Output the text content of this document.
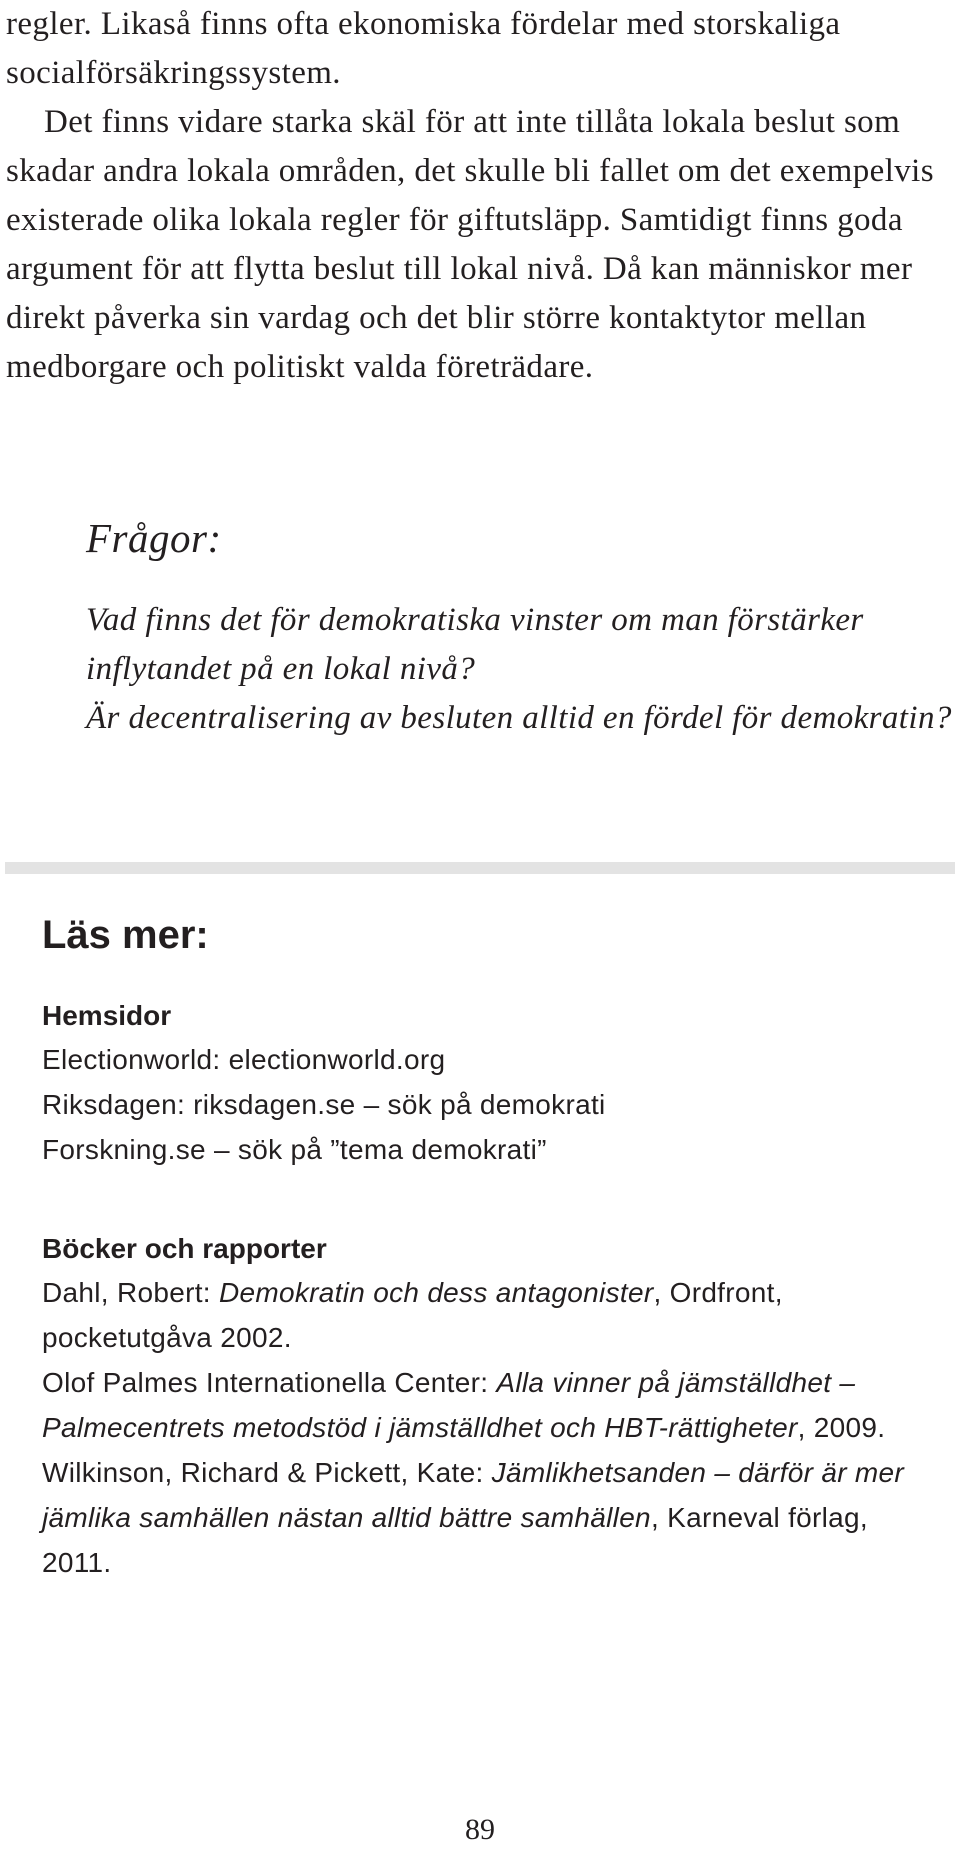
regler. Likaså finns ofta ekonomiska fördelar med storskaliga socialförsäkringssystem.

Det finns vidare starka skäl för att inte tillåta lokala beslut som skadar andra lokala områden, det skulle bli fallet om det exempelvis existerade olika lokala regler för giftutsläpp. Samtidigt finns goda argument för att flytta beslut till lokal nivå. Då kan människor mer direkt påverka sin vardag och det blir större kontaktytor mellan medborgare och politiskt valda företrädare.

Frågor:

Vad finns det för demokratiska vinster om man förstärker inflytandet på en lokal nivå?

Är decentralisering av besluten alltid en fördel för demokratin?

Läs mer:
Hemsidor

Electionworld: electionworld.org

Riksdagen: riksdagen.se – sök på demokrati

Forskning.se – sök på ”tema demokrati”

Böcker och rapporter

Dahl, Robert: Demokratin och dess antagonister, Ordfront, pocketutgåva 2002.

Olof Palmes Internationella Center: Alla vinner på jämställdhet – Palmecentrets metodstöd i jämställdhet och HBT-rättigheter, 2009.

Wilkinson, Richard & Pickett, Kate: Jämlikhetsanden – därför är mer jämlika samhällen nästan alltid bättre samhällen, Karneval förlag, 2011.

89
